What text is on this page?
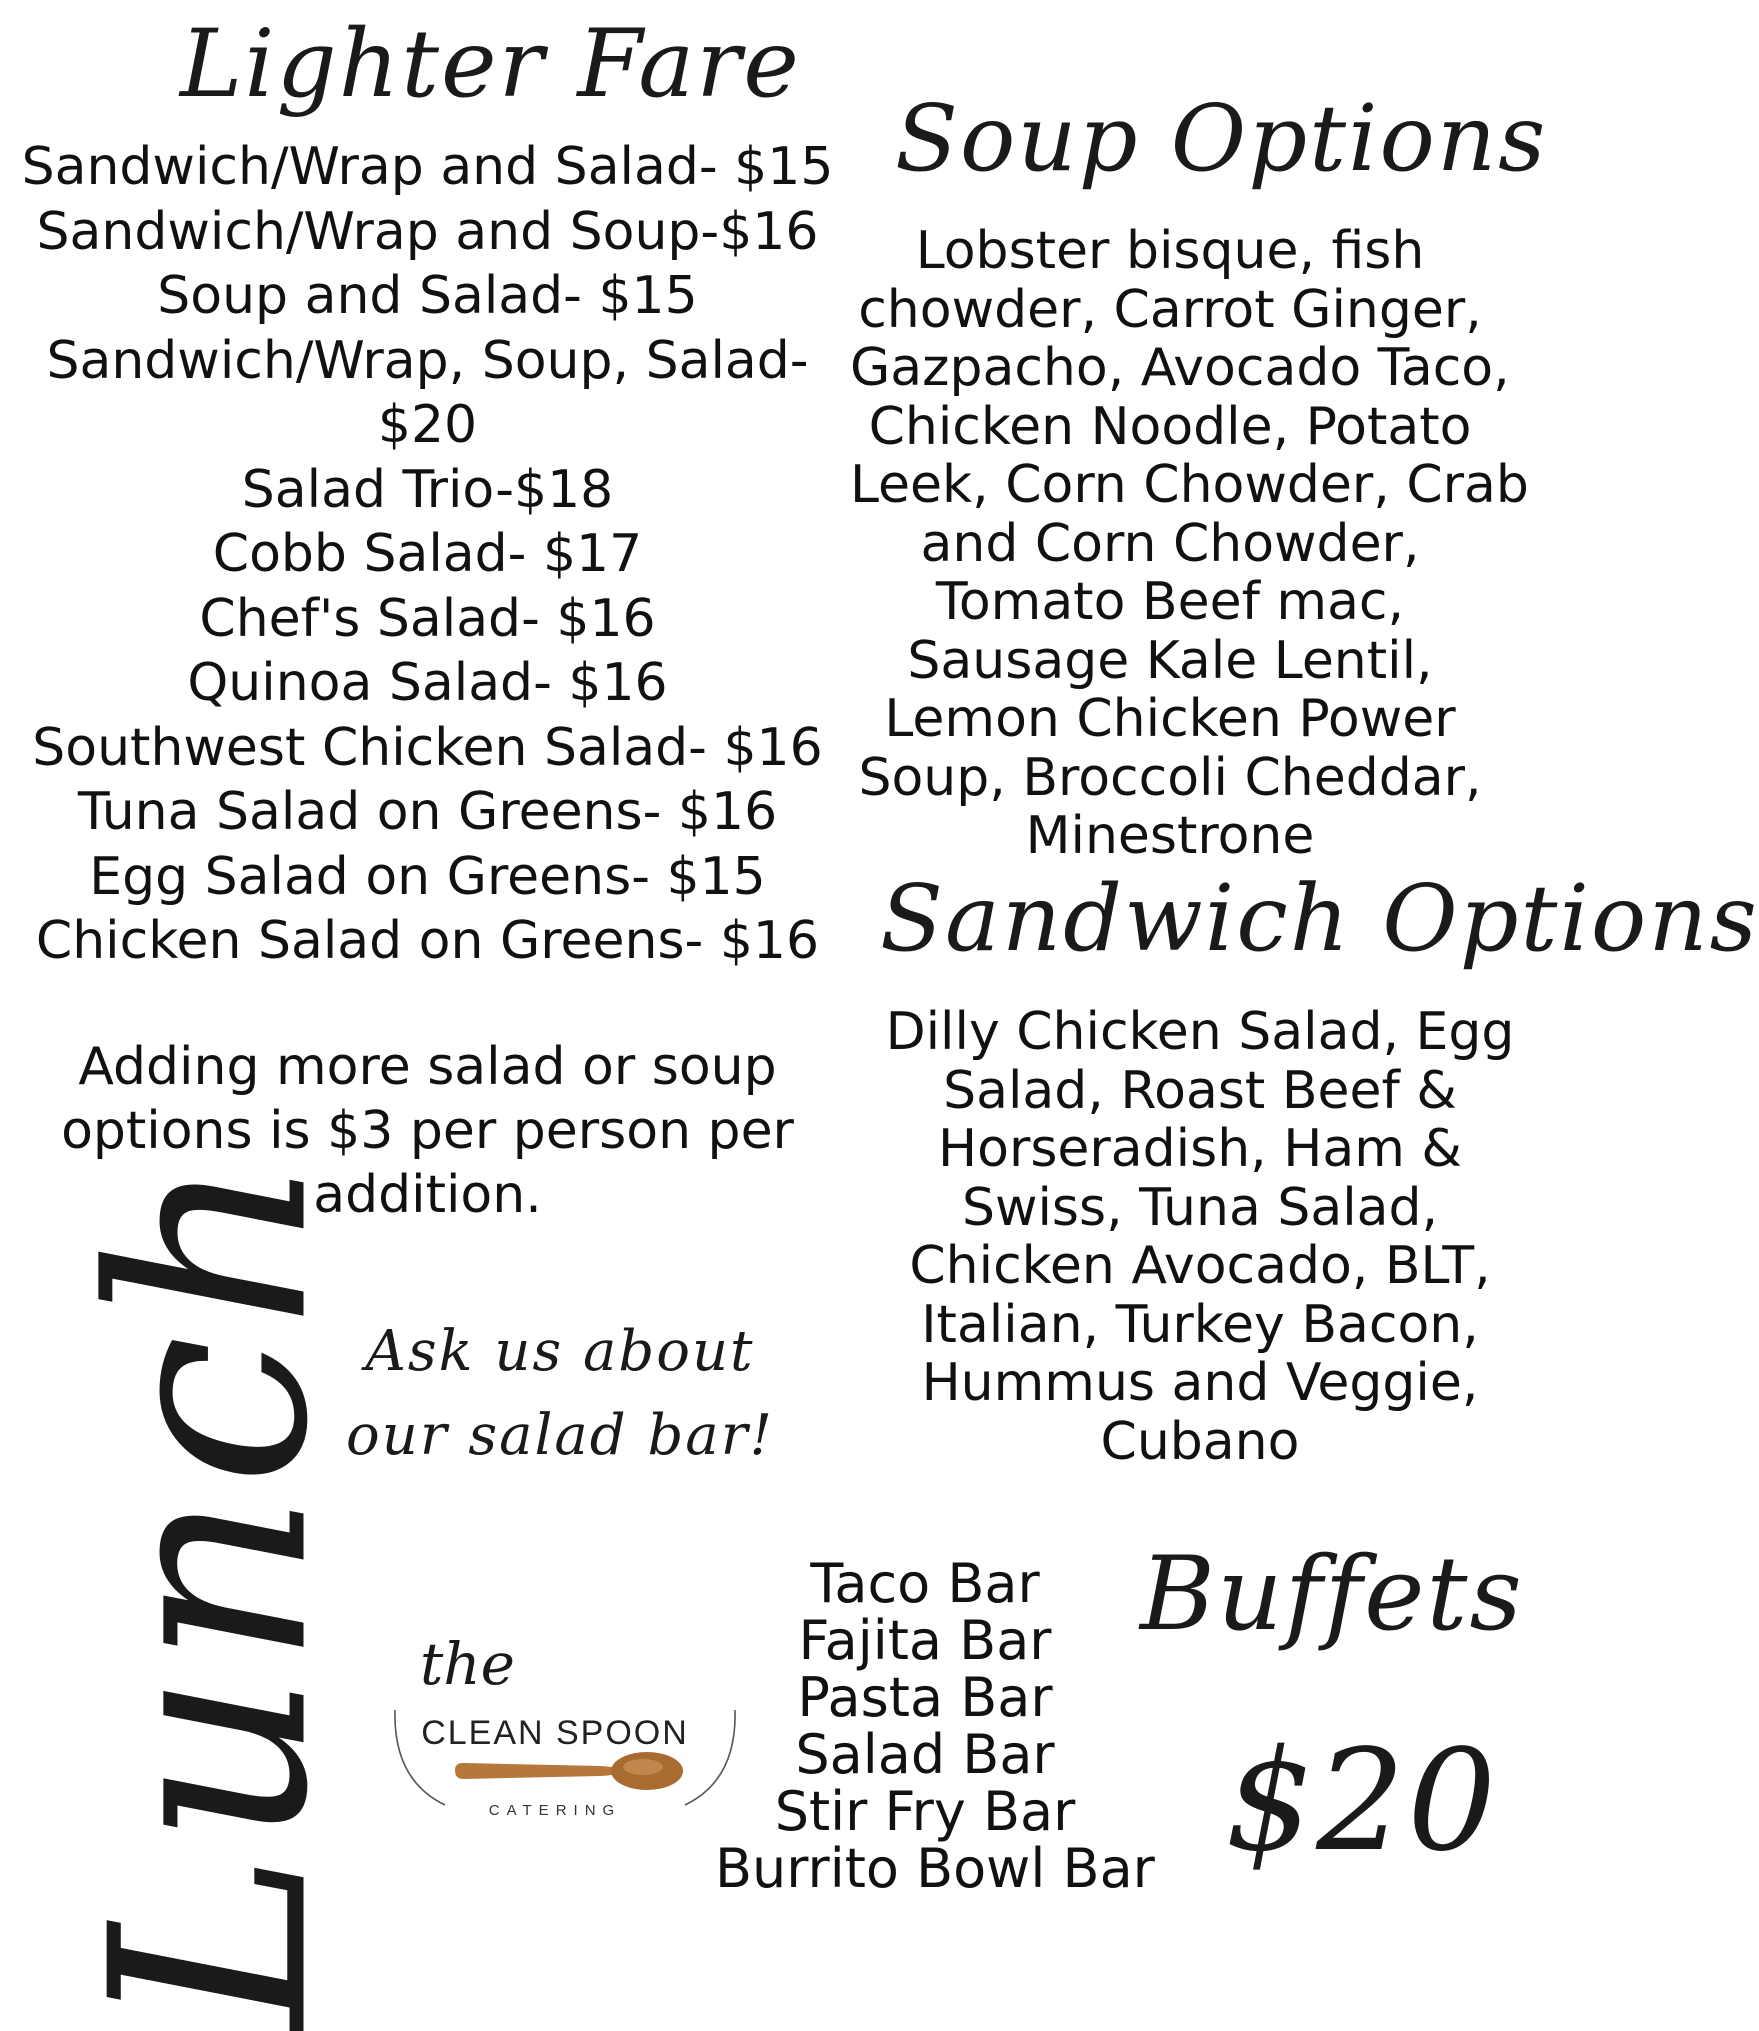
Lighter Fare
Sandwich/Wrap and Salad- $15
Sandwich/Wrap and Soup-$16
Soup and Salad- $15
Sandwich/Wrap, Soup, Salad-
$20
Salad Trio-$18
Cobb Salad- $17
Chef's Salad- $16
Quinoa Salad- $16
Southwest Chicken Salad- $16
Tuna Salad on Greens- $16
Egg Salad on Greens- $15
Chicken Salad on Greens- $16
Adding more salad or soup
options is $3 per person per
addition.
Soup Options
Lobster bisque, fish
chowder, Carrot Ginger,
Gazpacho, Avocado Taco,
Chicken Noodle, Potato
Leek, Corn Chowder, Crab
and Corn Chowder,
Tomato Beef mac,
Sausage Kale Lentil,
Lemon Chicken Power
Soup, Broccoli Cheddar,
Minestrone
Sandwich Options
Dilly Chicken Salad, Egg
Salad, Roast Beef &
Horseradish, Ham &
Swiss, Tuna Salad,
Chicken Avocado, BLT,
Italian, Turkey Bacon,
Hummus and Veggie,
Cubano
Ask us about
our salad bar!
Lunch the
CLEAN SPOON
CATERING
Taco Bar
Fajita Bar
Pasta Bar
Salad Bar
Stir Fry Bar
Burrito Bowl Bar
Buffets
$20
